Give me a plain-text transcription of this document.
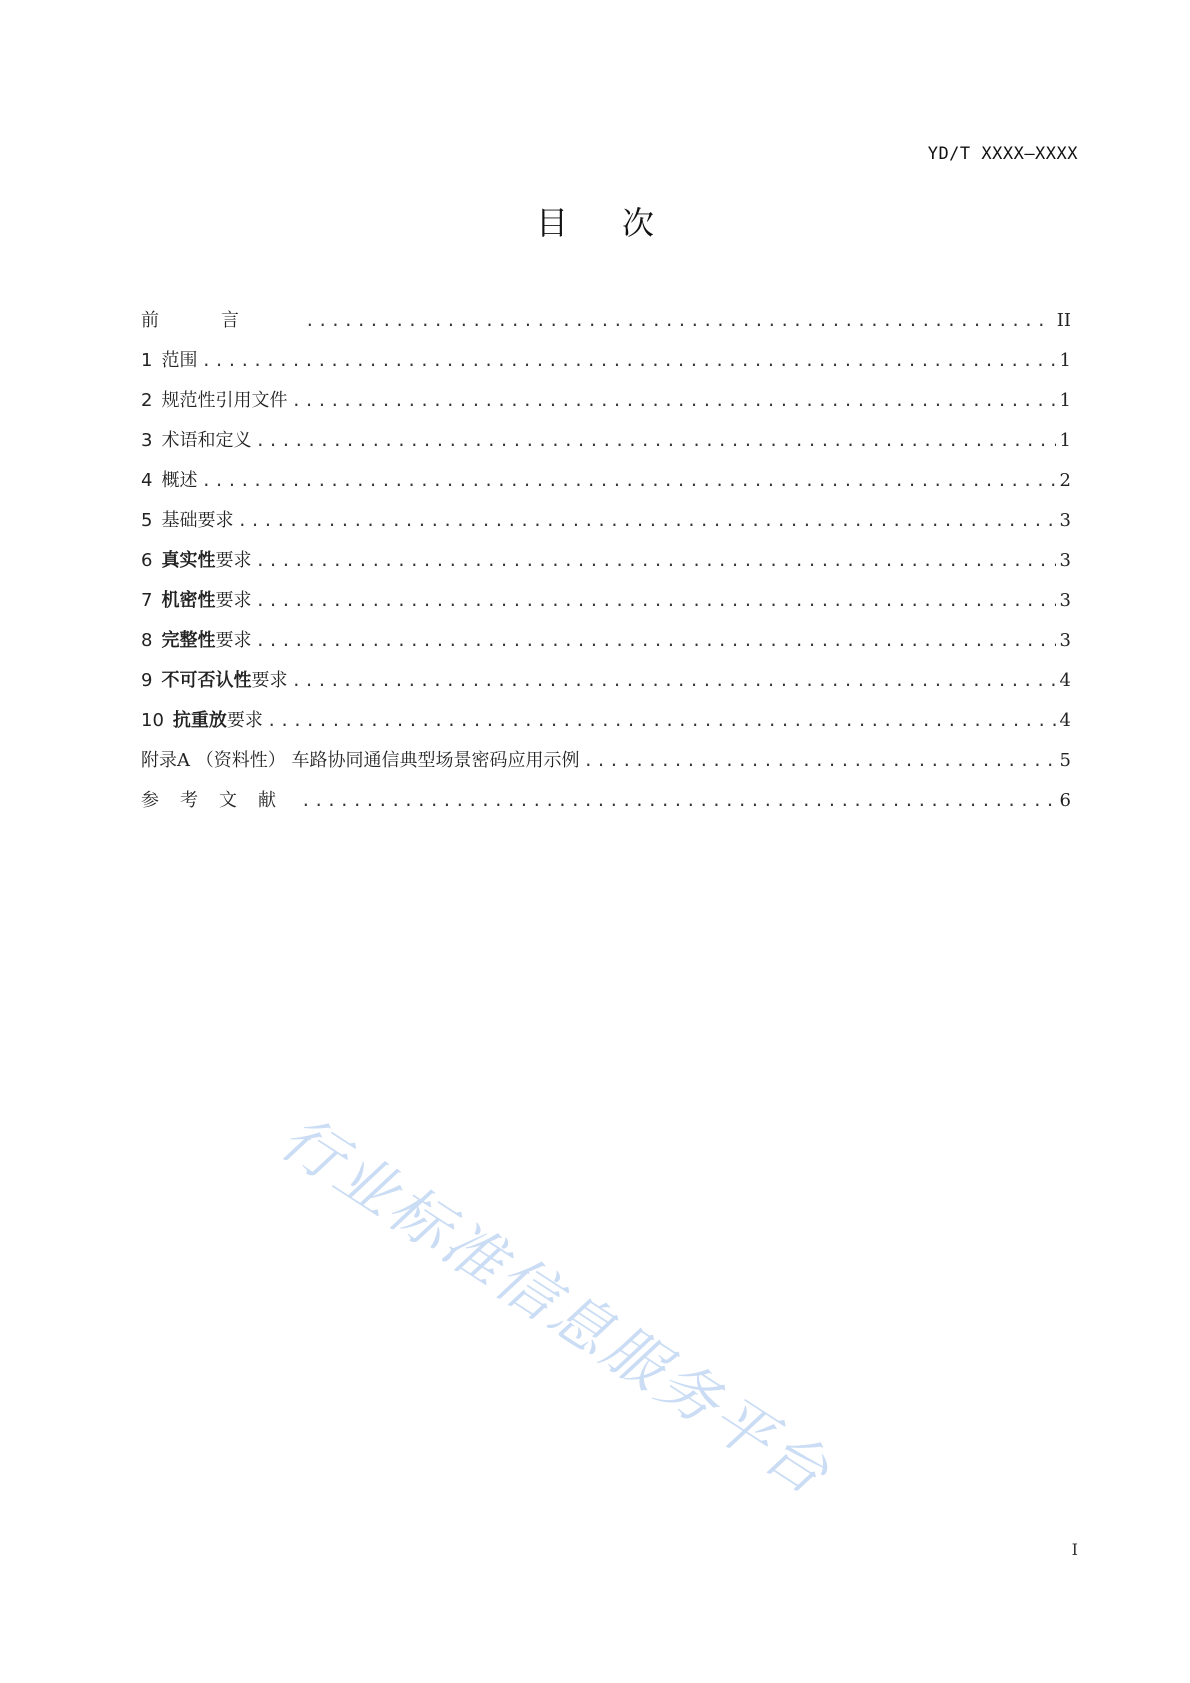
YD/T XXXX—XXXX
目次
前言 .....	II
1 范围 .....	1
2 规范性引用文件 .....	1
3 术语和定义 .....	1
4 概述 .....	2
5 基础要求 .....	3
6 真实性要求 .....	3
7 机密性要求 .....	3
8 完整性要求 .....	3
9 不可否认性要求 .....	4
10 抗重放要求 .....	4
附录A （资料性） 车路协同通信典型场景密码应用示例 .....	5
参考文献 .....	6
行业标准信息服务平台
I
